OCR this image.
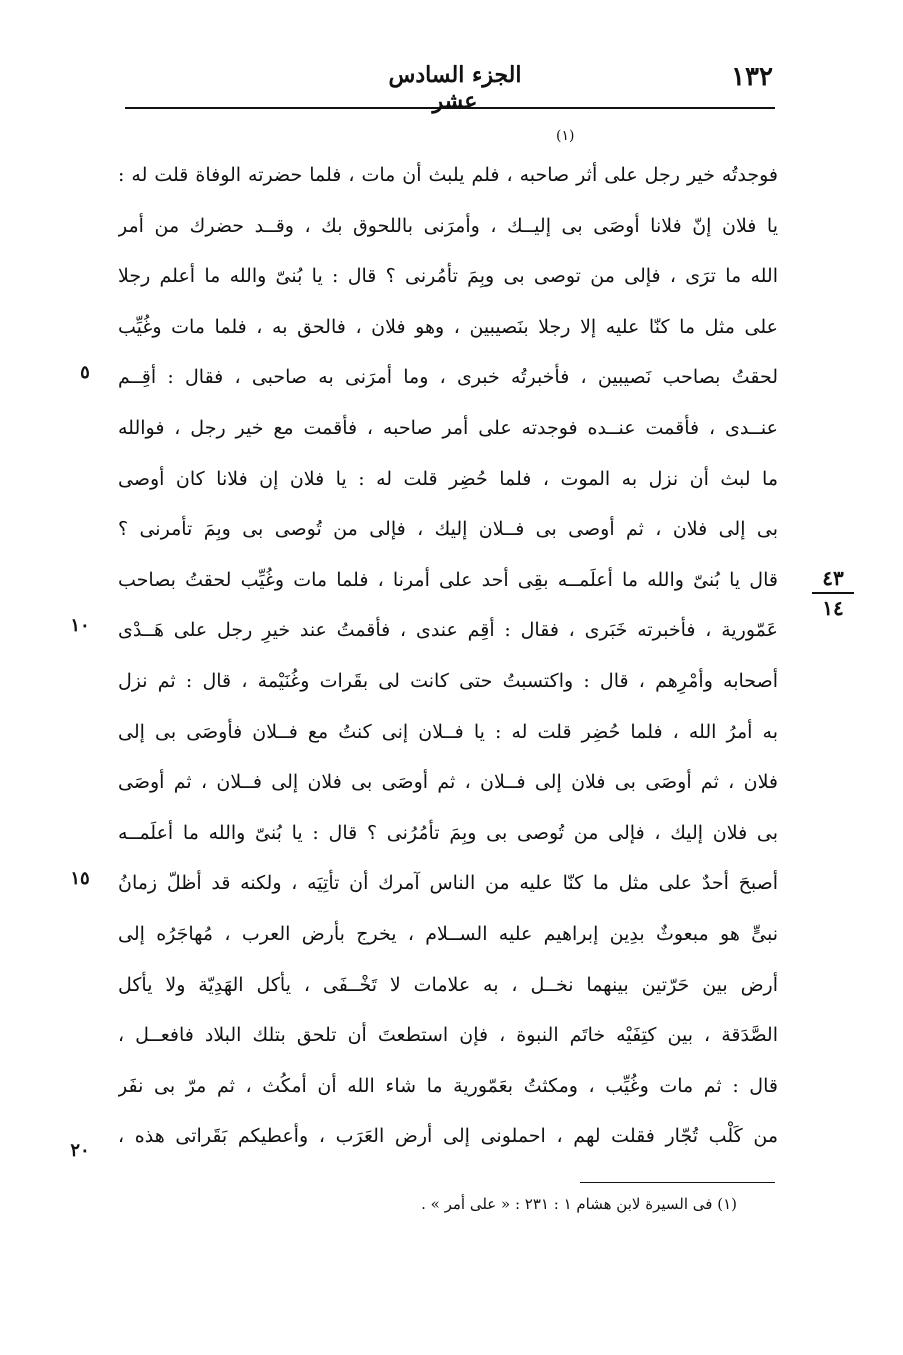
١٣٢
الجزء السادس عشر
(١)
فوجدتُه خير رجل على أثر صاحبه ، فلم يلبث أن مات ، فلما حضرته الوفاة قلت له :
يا فلان إنّ فلانا أوصَى بى إليــك ، وأمرَنى باللحوق بك ، وقــد حضرك من أمر
الله ما ترَى ، فإلى من توصى بى وبِمَ تأمُرنى ؟ قال : يا بُنىّ والله ما أعلم رجلا
على مثل ما كنّا عليه إلا رجلا بنَصيبين ، وهو فلان ، فالحق به ، فلما مات وغُيِّب
لحقتُ بصاحب نَصيبين ، فأخبرتُه خبرى ، وما أمرَنى به صاحبى ، فقال : أقِــم
عنــدى ، فأقمت عنــده فوجدته على أمر صاحبه ، فأقمت مع خير رجل ، فوالله
ما لبث أن نزل به الموت ، فلما حُضِر قلت له : يا فلان إن فلانا كان أوصى
بى إلى فلان ، ثم أوصى بى فــلان إليك ، فإلى من تُوصى بى وبِمَ تأمرنى ؟
قال يا بُنىّ والله ما أعلَمــه بقِى أحد على أمرنا ، فلما مات وغُيِّب لحقتُ بصاحب
عَمّورية ، فأخبرته خَبَرى ، فقال : أقِم عندى ، فأقمتُ عند خيرِ رجل على هَــدْى
أصحابه وأمْرِهم ، قال : واكتسبتُ حتى كانت لى بقَرات وغُنَيْمة ، قال : ثم نزل
به أمرُ الله ، فلما حُضِر قلت له : يا فــلان إنى كنتُ مع فــلان فأوصَى بى إلى
فلان ، ثم أوصَى بى فلان إلى فــلان ، ثم أوصَى بى فلان إلى فــلان ، ثم أوصَى
بى فلان إليك ، فإلى من تُوصى بى وبِمَ تأمُرُنى ؟ قال : يا بُنىّ والله ما أعلَمــه
أصبحَ أحدٌ على مثل ما كنّا عليه من الناس آمرك أن تأتِيَه ، ولكنه قد أظلّ زمانُ
نبىٍّ هو مبعوثٌ بدِين إبراهيم عليه الســلام ، يخرج بأرض العرب ، مُهاجَرُه إلى
أرض بين حَرّتين بينهما نخــل ، به علامات لا تَخْــفَى ، يأكل الهَدِيّة ولا يأكل
الصَّدَقة ، بين كتِفَيْه خاتَم النبوة ، فإن استطعتَ أن تلحق بتلك البلاد فافعــل ،
قال : ثم مات وغُيِّب ، ومكثتُ بعَمّورية ما شاء الله أن أمكُث ، ثم مرّ بى نفَر
من كَلْب تُجّار فقلت لهم ، احملونى إلى أرض العَرَب ، وأعطيكم بَقَراتى هذه ،
٥
١٠
١٥
٢٠
٤٣
١٤
(١) فى السيرة لابن هشام ١ : ٢٣١ : « على أمر » .
